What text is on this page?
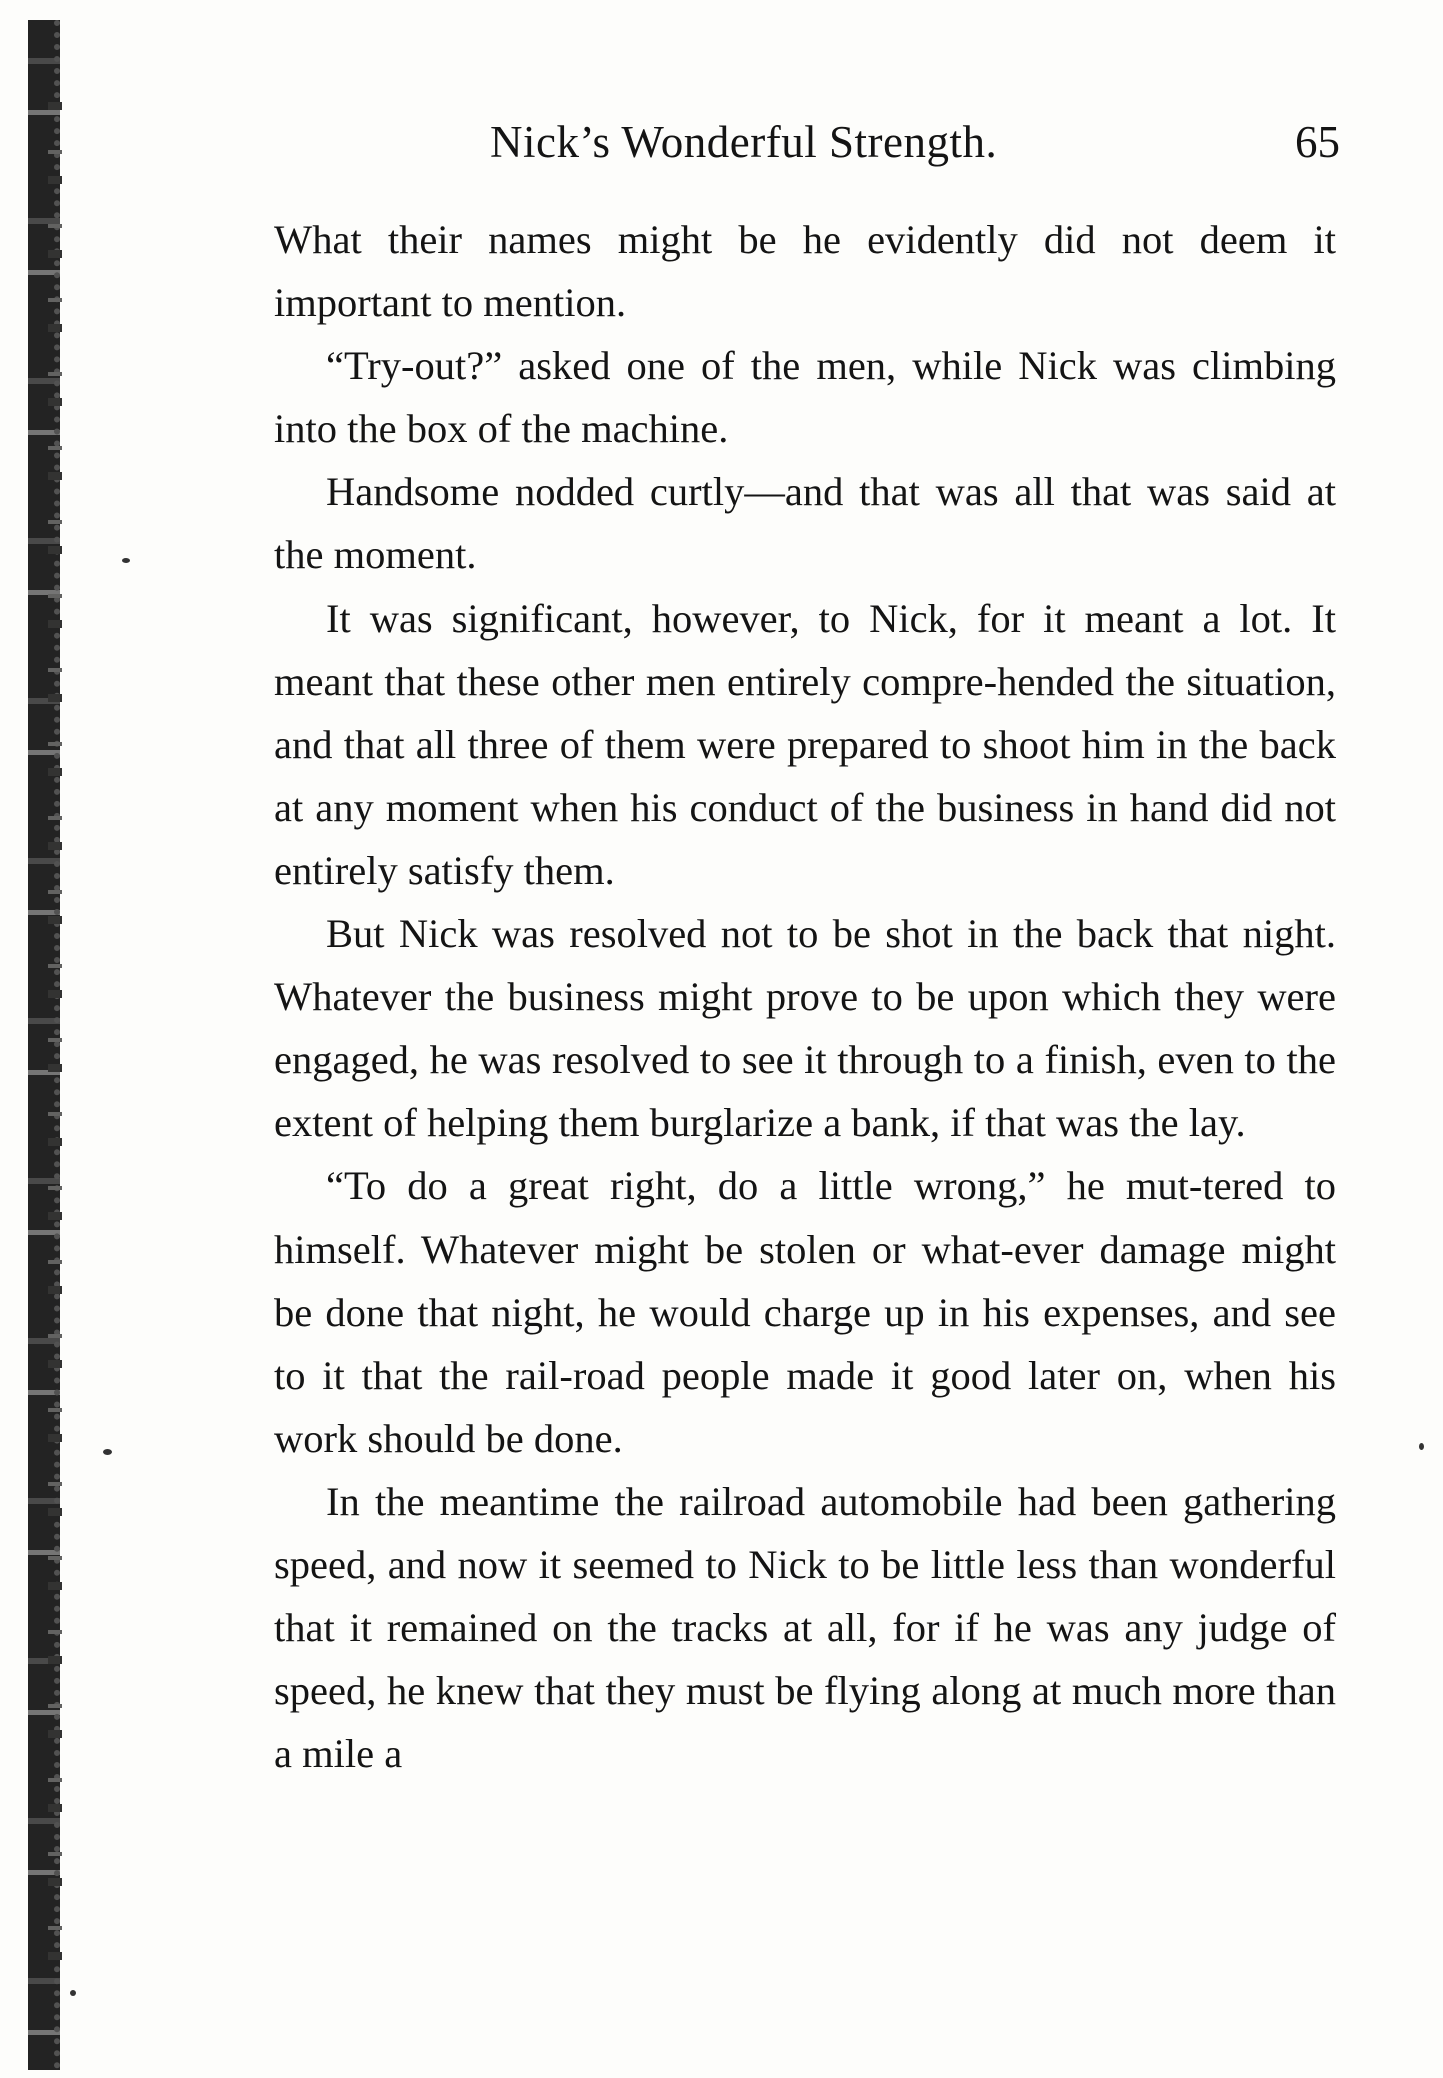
Nick’s Wonderful Strength.	65

What their names might be he evidently did not deem it important to mention.

“Try-out?” asked one of the men, while Nick was climbing into the box of the machine.

Handsome nodded curtly—and that was all that was said at the moment.

It was significant, however, to Nick, for it meant a lot. It meant that these other men entirely compre-hended the situation, and that all three of them were prepared to shoot him in the back at any moment when his conduct of the business in hand did not entirely satisfy them.

But Nick was resolved not to be shot in the back that night. Whatever the business might prove to be upon which they were engaged, he was resolved to see it through to a finish, even to the extent of helping them burglarize a bank, if that was the lay.

“To do a great right, do a little wrong,” he mut-tered to himself. Whatever might be stolen or what-ever damage might be done that night, he would charge up in his expenses, and see to it that the rail-road people made it good later on, when his work should be done.

In the meantime the railroad automobile had been gathering speed, and now it seemed to Nick to be little less than wonderful that it remained on the tracks at all, for if he was any judge of speed, he knew that they must be flying along at much more than a mile a
